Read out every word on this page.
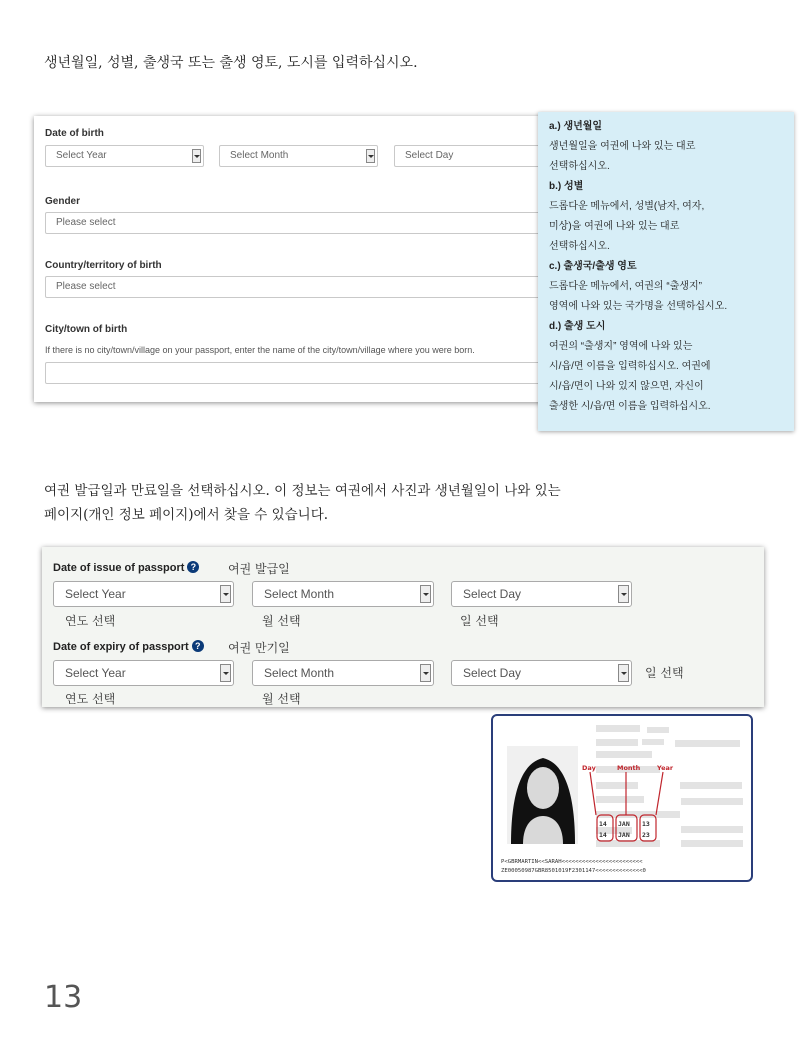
생년월일, 성별, 출생국 또는 출생 영토, 도시를 입력하십시오.
Date of birth
Select Year	Select Month	Select Day
Gender
Please select
Country/territory of birth
Please select
City/town of birth
If there is no city/town/village on your passport, enter the name of the city/town/village where you were born.
a.) 생년월일
생년월일을 여권에 나와 있는 대로
선택하십시오.
b.) 성별
드롭다운 메뉴에서, 성별(남자, 여자,
미상)을 여권에 나와 있는 대로
선택하십시오.
c.) 출생국/출생 영토
드롭다운 메뉴에서, 여권의 “출생지”
영역에 나와 있는 국가명을 선택하십시오.
d.) 출생 도시
여권의 “출생지” 영역에 나와 있는
시/읍/면 이름을 입력하십시오. 여권에
시/읍/면이 나와 있지 않으면, 자신이
출생한 시/읍/면 이름을 입력하십시오.
여권 발급일과 만료일을 선택하십시오. 이 정보는 여권에서 사진과 생년월일이 나와 있는
페이지(개인 정보 페이지)에서 찾을 수 있습니다.
Date of issue of passport ?	여권 발급일
Select Year	Select Month	Select Day
연도 선택	월 선택	일 선택
Date of expiry of passport ? 여권 만기일
Select Year	Select Month	Select Day	일 선택
연도 선택	월 선택
Day	Month	Year
14 JAN 13
14 JAN 23
P<GBRMARTIN<<SARAH<<<<<<<<<<<<<<<<<<<<<<<<
ZE00050987GBR8501019F2301147<<<<<<<<<<<<<<0
13
